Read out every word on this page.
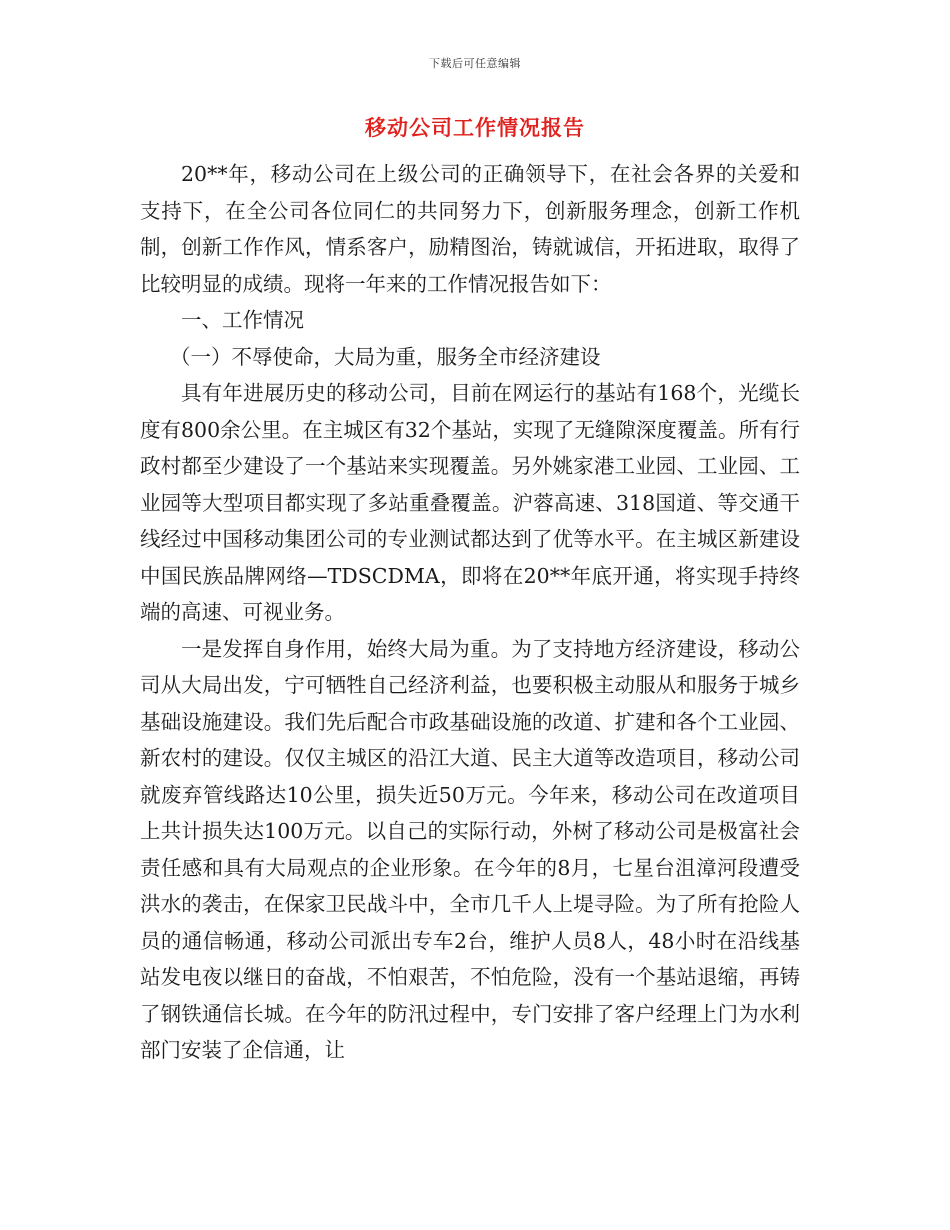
下载后可任意编辑
移动公司工作情况报告

20**年，移动公司在上级公司的正确领导下，在社会各界的关爱和支持下，在全公司各位同仁的共同努力下，创新服务理念，创新工作机制，创新工作作风，情系客户，励精图治，铸就诚信，开拓进取，取得了比较明显的成绩。现将一年来的工作情况报告如下：

一、工作情况

（一）不辱使命，大局为重，服务全市经济建设

具有年进展历史的移动公司，目前在网运行的基站有168个，光缆长度有800余公里。在主城区有32个基站，实现了无缝隙深度覆盖。所有行政村都至少建设了一个基站来实现覆盖。另外姚家港工业园、工业园、工业园等大型项目都实现了多站重叠覆盖。沪蓉高速、318国道、等交通干线经过中国移动集团公司的专业测试都达到了优等水平。在主城区新建设中国民族品牌网络—TDSCDMA，即将在20**年底开通，将实现手持终端的高速、可视业务。

一是发挥自身作用，始终大局为重。为了支持地方经济建设，移动公司从大局出发，宁可牺牲自己经济利益，也要积极主动服从和服务于城乡基础设施建设。我们先后配合市政基础设施的改道、扩建和各个工业园、新农村的建设。仅仅主城区的沿江大道、民主大道等改造项目，移动公司就废弃管线路达10公里，损失近50万元。今年来，移动公司在改道项目上共计损失达100万元。以自己的实际行动，外树了移动公司是极富社会责任感和具有大局观点的企业形象。在今年的8月，七星台沮漳河段遭受洪水的袭击，在保家卫民战斗中，全市几千人上堤寻险。为了所有抢险人员的通信畅通，移动公司派出专车2台，维护人员8人，48小时在沿线基站发电夜以继日的奋战，不怕艰苦，不怕危险，没有一个基站退缩，再铸了钢铁通信长城。在今年的防汛过程中，专门安排了客户经理上门为水利部门安装了企信通，让
